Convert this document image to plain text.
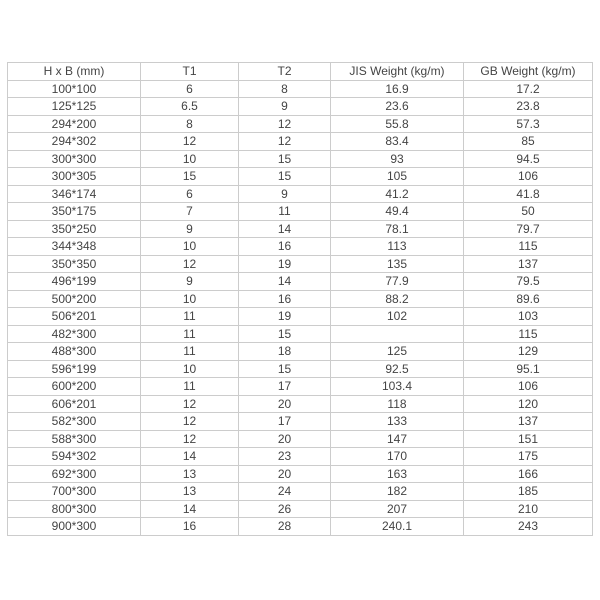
H x B (mm)	T1	T2	JIS Weight (kg/m)	GB Weight (kg/m)
100*100	6	8	16.9	17.2
125*125	6.5	9	23.6	23.8
294*200	8	12	55.8	57.3
294*302	12	12	83.4	85
300*300	10	15	93	94.5
300*305	15	15	105	106
346*174	6	9	41.2	41.8
350*175	7	11	49.4	50
350*250	9	14	78.1	79.7
344*348	10	16	113	115
350*350	12	19	135	137
496*199	9	14	77.9	79.5
500*200	10	16	88.2	89.6
506*201	11	19	102	103
482*300	11	15		115
488*300	11	18	125	129
596*199	10	15	92.5	95.1
600*200	11	17	103.4	106
606*201	12	20	118	120
582*300	12	17	133	137
588*300	12	20	147	151
594*302	14	23	170	175
692*300	13	20	163	166
700*300	13	24	182	185
800*300	14	26	207	210
900*300	16	28	240.1	243
